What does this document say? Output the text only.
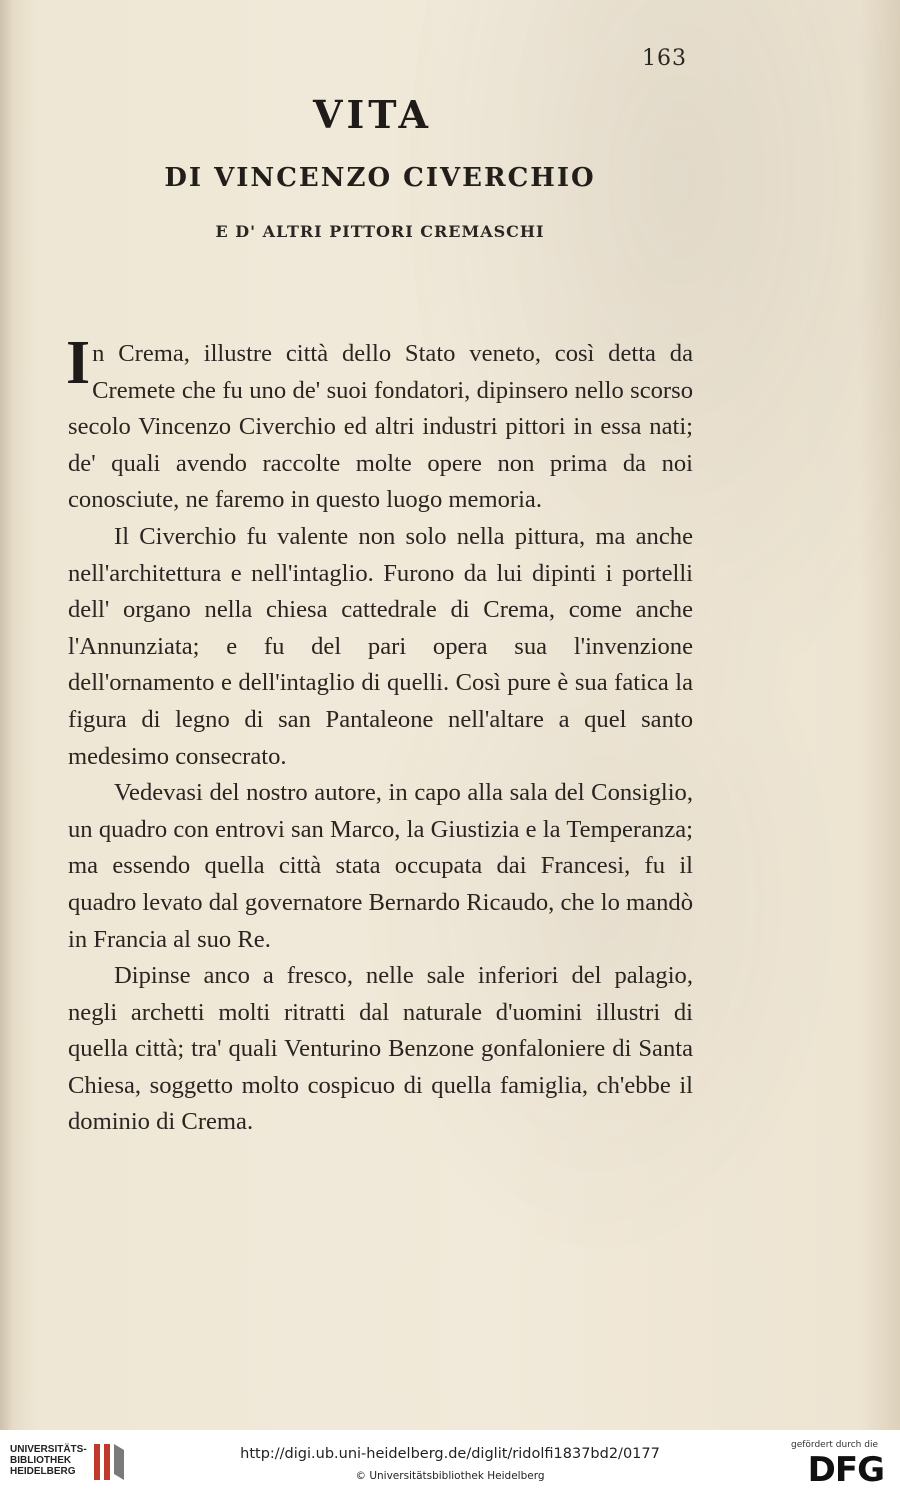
163
VITA
DI VINCENZO CIVERCHIO
E D' ALTRI PITTORI CREMASCHI

In Crema, illustre città dello Stato veneto, così detta da Cremete che fu uno de' suoi fondatori, dipinsero nello scorso secolo Vincenzo Civerchio ed altri industri pittori in essa nati; de' quali avendo raccolte molte opere non prima da noi conosciute, ne faremo in questo luogo memoria.

Il Civerchio fu valente non solo nella pittura, ma anche nell'architettura e nell'intaglio. Furono da lui dipinti i portelli dell' organo nella chiesa cattedrale di Crema, come anche l'Annunziata; e fu del pari opera sua l'invenzione dell'ornamento e dell'intaglio di quelli. Così pure è sua fatica la figura di legno di san Pantaleone nell'altare a quel santo medesimo consecrato.

Vedevasi del nostro autore, in capo alla sala del Consiglio, un quadro con entrovi san Marco, la Giustizia e la Temperanza; ma essendo quella città stata occupata dai Francesi, fu il quadro levato dal governatore Bernardo Ricaudo, che lo mandò in Francia al suo Re.

Dipinse anco a fresco, nelle sale inferiori del palagio, negli archetti molti ritratti dal naturale d'uomini illustri di quella città; tra' quali Venturino Benzone gonfaloniere di Santa Chiesa, soggetto molto cospicuo di quella famiglia, ch'ebbe il dominio di Crema.

UNIVERSITÄTS-
BIBLIOTHEK
HEIDELBERG
http://digi.ub.uni-heidelberg.de/diglit/ridolfi1837bd2/0177
© Universitätsbibliothek Heidelberg
gefördert durch die
DFG
